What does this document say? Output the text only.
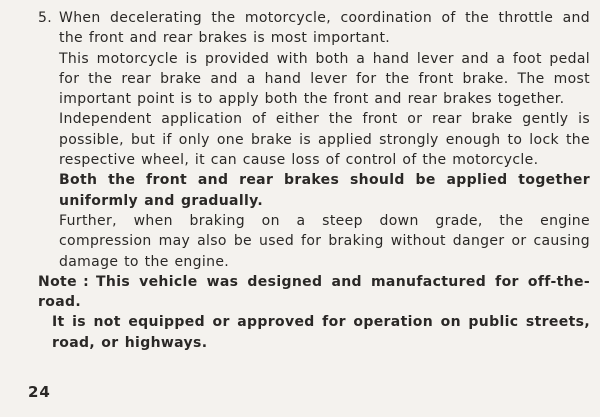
5. When decelerating the motorcycle, coordination of the throttle and the front and rear brakes is most important.

This motorcycle is provided with both a hand lever and a foot pedal for the rear brake and a hand lever for the front brake. The most important point is to apply both the front and rear brakes together.

Independent application of either the front or rear brake gently is possible, but if only one brake is applied strongly enough to lock the respective wheel, it can cause loss of control of the motorcycle.

Both the front and rear brakes should be applied together uniformly and gradually.

Further, when braking on a steep down grade, the engine compression may also be used for braking without danger or causing damage to the engine.

Note : This vehicle was designed and manufactured for off-the-road.

It is not equipped or approved for operation on public streets, road, or highways.

24
